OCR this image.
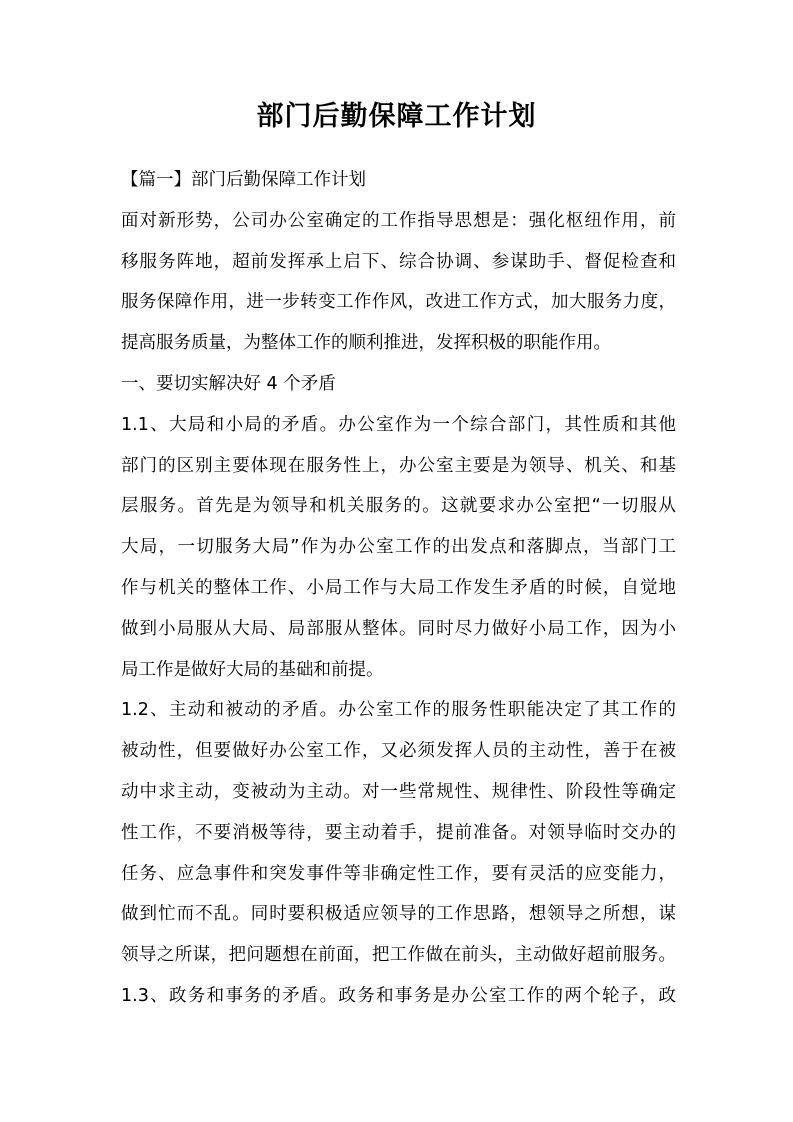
部门后勤保障工作计划
【篇一】部门后勤保障工作计划
面对新形势，公司办公室确定的工作指导思想是：强化枢纽作用，前
移服务阵地，超前发挥承上启下、综合协调、参谋助手、督促检查和
服务保障作用，进一步转变工作作风，改进工作方式，加大服务力度，
提高服务质量，为整体工作的顺利推进，发挥积极的职能作用。
一、要切实解决好 4 个矛盾
1.1、大局和小局的矛盾。办公室作为一个综合部门，其性质和其他
部门的区别主要体现在服务性上，办公室主要是为领导、机关、和基
层服务。首先是为领导和机关服务的。这就要求办公室把“一切服从
大局，一切服务大局”作为办公室工作的出发点和落脚点，当部门工
作与机关的整体工作、小局工作与大局工作发生矛盾的时候，自觉地
做到小局服从大局、局部服从整体。同时尽力做好小局工作，因为小
局工作是做好大局的基础和前提。
1.2、主动和被动的矛盾。办公室工作的服务性职能决定了其工作的
被动性，但要做好办公室工作，又必须发挥人员的主动性，善于在被
动中求主动，变被动为主动。对一些常规性、规律性、阶段性等确定
性工作，不要消极等待，要主动着手，提前准备。对领导临时交办的
任务、应急事件和突发事件等非确定性工作，要有灵活的应变能力，
做到忙而不乱。同时要积极适应领导的工作思路，想领导之所想，谋
领导之所谋，把问题想在前面，把工作做在前头，主动做好超前服务。
1.3、政务和事务的矛盾。政务和事务是办公室工作的两个轮子，政
